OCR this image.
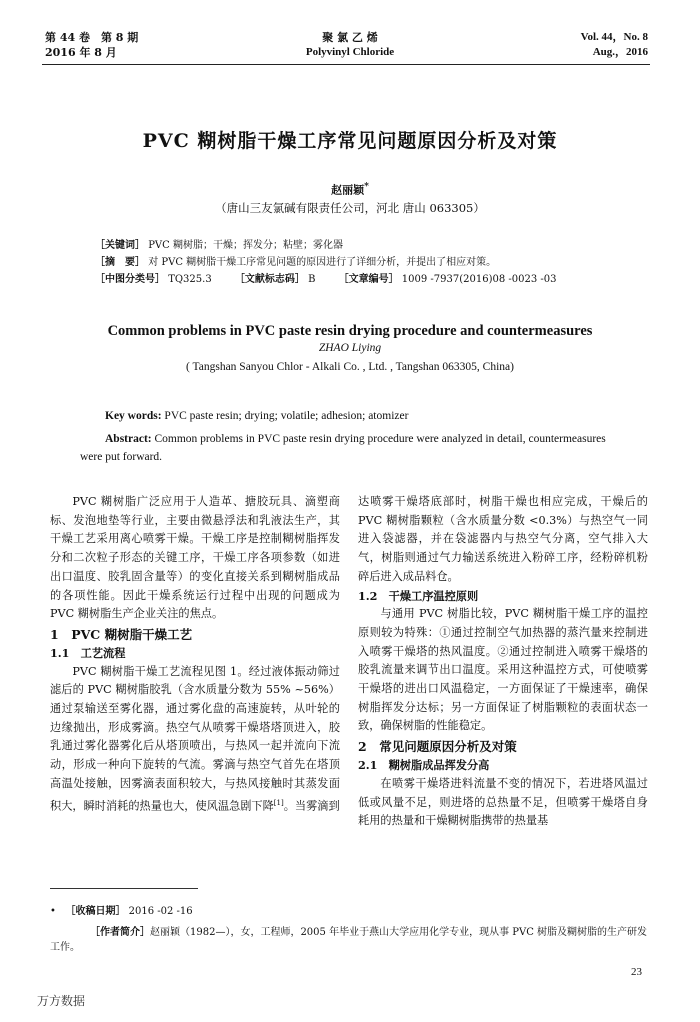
第 44 卷　第 8 期
2016 年 8 月
聚 氯 乙 烯
Polyvinyl Chloride
Vol. 44，No. 8
Aug.，2016
PVC 糊树脂干燥工序常见问题原因分析及对策
赵丽颖*
（唐山三友氯碱有限责任公司，河北 唐山 063305）
［关键词］ PVC 糊树脂；干燥；挥发分；粘壁；雾化器
［摘　要］ 对 PVC 糊树脂干燥工序常见问题的原因进行了详细分析，并提出了相应对策。
［中图分类号］ TQ325.3 ［文献标志码］ B ［文章编号］ 1009 -7937(2016)08 -0023 -03
Common problems in PVC paste resin drying procedure and countermeasures
ZHAO Liying
( Tangshan Sanyou Chlor - Alkali Co. , Ltd. , Tangshan 063305, China)
Key words: PVC paste resin; drying; volatile; adhesion; atomizer
Abstract: Common problems in PVC paste resin drying procedure were analyzed in detail, countermeasures were put forward.

PVC 糊树脂广泛应用于人造革、搪胶玩具、滴塑商标、发泡地垫等行业，主要由微悬浮法和乳液法生产，其干燥工艺采用离心喷雾干燥。干燥工序是控制糊树脂挥发分和二次粒子形态的关键工序，干燥工序各项参数（如进出口温度、胶乳固含量等）的变化直接关系到糊树脂成品的各项性能。因此干燥系统运行过程中出现的问题成为 PVC 糊树脂生产企业关注的焦点。

1　PVC 糊树脂干燥工艺
1.1　工艺流程

PVC 糊树脂干燥工艺流程见图 1。经过液体振动筛过滤后的 PVC 糊树脂胶乳（含水质量分数为 55% ~56%）通过泵输送至雾化器，通过雾化盘的高速旋转，从叶轮的边缘抛出，形成雾滴。热空气从喷雾干燥塔塔顶进入，胶乳通过雾化器雾化后从塔顶喷出，与热风一起并流向下流动，形成一种向下旋转的气流。雾滴与热空气首先在塔顶高温处接触，因雾滴表面积较大，与热风接触时其蒸发面积大，瞬时消耗的热量也大，使风温急剧下降[1]。当雾滴到

达喷雾干燥塔底部时，树脂干燥也相应完成，干燥后的 PVC 糊树脂颗粒（含水质量分数 <0.3%）与热空气一同进入袋滤器，并在袋滤器内与热空气分离，空气排入大气，树脂则通过气力输送系统进入粉碎工序，经粉碎机粉碎后进入成品料仓。

1.2　干燥工序温控原则

与通用 PVC 树脂比较，PVC 糊树脂干燥工序的温控原则较为特殊：①通过控制空气加热器的蒸汽量来控制进入喷雾干燥塔的热风温度。②通过控制进入喷雾干燥塔的胶乳流量来调节出口温度。采用这种温控方式，可使喷雾干燥塔的进出口风温稳定，一方面保证了干燥速率，确保树脂挥发分达标；另一方面保证了树脂颗粒的表面状态一致，确保树脂的性能稳定。

2　常见问题原因分析及对策
2.1　糊树脂成品挥发分高

在喷雾干燥塔进料流量不变的情况下，若进塔风温过低或风量不足，则进塔的总热量不足，但喷雾干燥塔自身耗用的热量和干燥糊树脂携带的热量基

• ［收稿日期］ 2016 -02 -16
［作者简介］赵丽颖（1982—），女，工程师，2005 年毕业于燕山大学应用化学专业，现从事 PVC 树脂及糊树脂的生产研发工作。
23
万方数据
